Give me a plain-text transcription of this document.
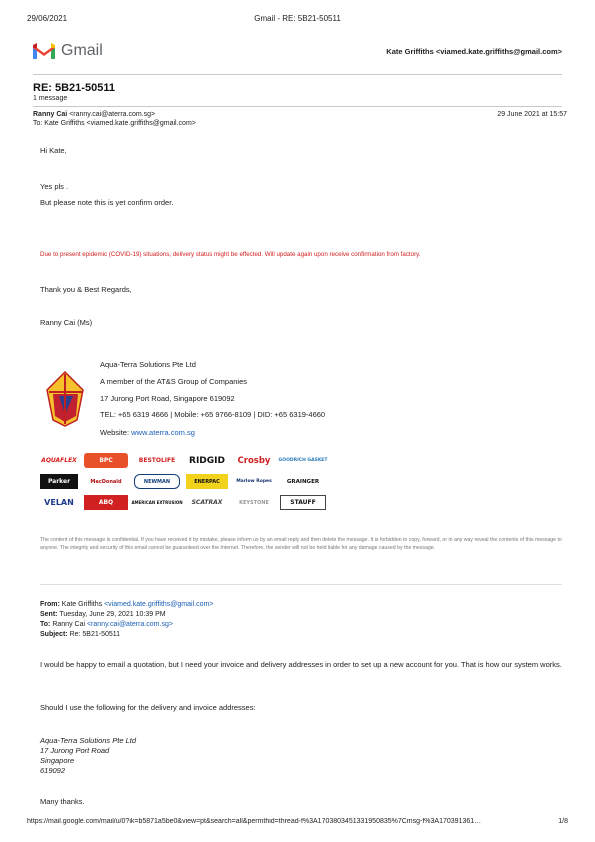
29/06/2021	Gmail - RE: 5B21-50511
Gmail	Kate Griffiths <viamed.kate.griffiths@gmail.com>
RE: 5B21-50511
1 message
Ranny Cai <ranny.cai@aterra.com.sg>	29 June 2021 at 15:57
To: Kate Griffiths <viamed.kate.griffiths@gmail.com>
Hi Kate,
Yes pls .
But please note this is yet confirm order.
Due to present epidemic (COVID-19) situations, delivery status might be effected. Will update again upon receive confirmation from factory.
Thank you & Best Regards,
Ranny Cai (Ms)
Aqua-Terra Solutions Pte Ltd
A member of the AT&S Group of Companies
17 Jurong Port Road, Singapore 619092
TEL: +65 6319 4666 | Mobile: +65 9766-8109 | DID: +65 6319-4660
Website: www.aterra.com.sg
AQUAFLEX	BPC	BESTOLIFE	RIDGID	Crosby	GOODRICH GASKET
Parker	MacDonald	NEWMAN	ENERPAC	Marlow Ropes	GRAINGER
VELAN	ABQ	AMERICAN EXTRUSION	SCATRAX	KEYSTONE	STAUFF
The content of this message is confidential. If you have received it by mistake, please inform us by an email reply and then delete the message. It is forbidden to copy, forward, or in any way reveal the contents of this message to anyone. The integrity and security of this email cannot be guaranteed over the Internet. Therefore, the sender will not be held liable for any damage caused by the message.
From: Kate Griffiths <viamed.kate.griffiths@gmail.com>
Sent: Tuesday, June 29, 2021 10:39 PM
To: Ranny Cai <ranny.cai@aterra.com.sg>
Subject: Re: 5B21-50511
I would be happy to email a quotation, but I need your invoice and delivery addresses in order to set up a new account for you. That is how our system works.
Should I use the following for the delivery and invoice addresses:
Aqua-Terra Solutions Pte Ltd
17 Jurong Port Road
Singapore
619092
Many thanks.
https://mail.google.com/mail/u/0?ik=b5871a5be0&view=pt&search=all&permthid=thread-f%3A1703803451331950835%7Cmsg-f%3A170391361…	1/8
